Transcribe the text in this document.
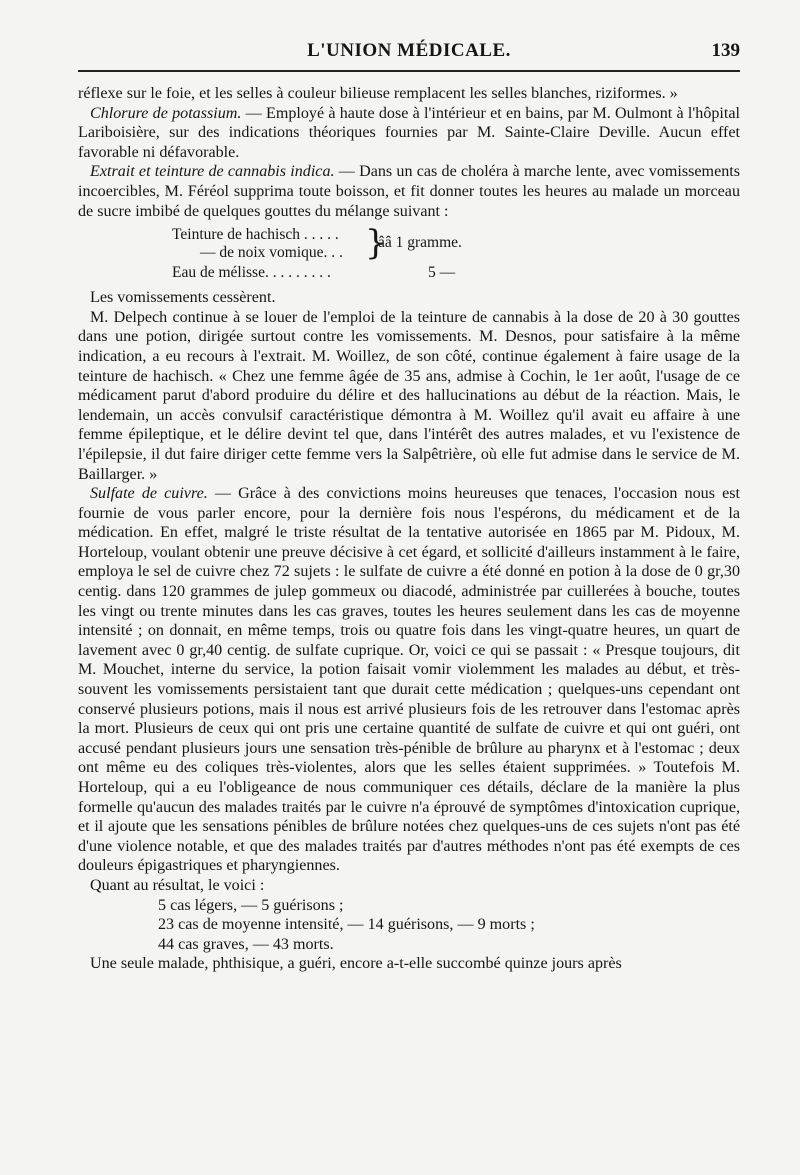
L'UNION MÉDICALE.	139

réflexe sur le foie, et les selles à couleur bilieuse remplacent les selles blanches, riziformes. »

Chlorure de potassium. — Employé à haute dose à l'intérieur et en bains, par M. Oulmont à l'hôpital Lariboisière, sur des indications théoriques fournies par M. Sainte-Claire Deville. Aucun effet favorable ni défavorable.

Extrait et teinture de cannabis indica. — Dans un cas de choléra à marche lente, avec vomissements incoercibles, M. Féréol supprima toute boisson, et fit donner toutes les heures au malade un morceau de sucre imbibé de quelques gouttes du mélange suivant :

Teinture de hachisch . . . . .
— de noix vomique. . . }
ââ 1 gramme.
Eau de mélisse. . . . . . . . .	5 —

Les vomissements cessèrent.

M. Delpech continue à se louer de l'emploi de la teinture de cannabis à la dose de 20 à 30 gouttes dans une potion, dirigée surtout contre les vomissements. M. Desnos, pour satisfaire à la même indication, a eu recours à l'extrait. M. Woillez, de son côté, continue également à faire usage de la teinture de hachisch. « Chez une femme âgée de 35 ans, admise à Cochin, le 1er août, l'usage de ce médicament parut d'abord produire du délire et des hallucinations au début de la réaction. Mais, le lendemain, un accès convulsif caractéristique démontra à M. Woillez qu'il avait eu affaire à une femme épileptique, et le délire devint tel que, dans l'intérêt des autres malades, et vu l'existence de l'épilepsie, il dut faire diriger cette femme vers la Salpêtrière, où elle fut admise dans le service de M. Baillarger. »

Sulfate de cuivre. — Grâce à des convictions moins heureuses que tenaces, l'occasion nous est fournie de vous parler encore, pour la dernière fois nous l'espérons, du médicament et de la médication. En effet, malgré le triste résultat de la tentative autorisée en 1865 par M. Pidoux, M. Horteloup, voulant obtenir une preuve décisive à cet égard, et sollicité d'ailleurs instamment à le faire, employa le sel de cuivre chez 72 sujets : le sulfate de cuivre a été donné en potion à la dose de 0 gr,30 centig. dans 120 grammes de julep gommeux ou diacodé, administrée par cuillerées à bouche, toutes les vingt ou trente minutes dans les cas graves, toutes les heures seulement dans les cas de moyenne intensité ; on donnait, en même temps, trois ou quatre fois dans les vingt-quatre heures, un quart de lavement avec 0 gr,40 centig. de sulfate cuprique. Or, voici ce qui se passait : « Presque toujours, dit M. Mouchet, interne du service, la potion faisait vomir violemment les malades au début, et très-souvent les vomissements persistaient tant que durait cette médication ; quelques-uns cependant ont conservé plusieurs potions, mais il nous est arrivé plusieurs fois de les retrouver dans l'estomac après la mort. Plusieurs de ceux qui ont pris une certaine quantité de sulfate de cuivre et qui ont guéri, ont accusé pendant plusieurs jours une sensation très-pénible de brûlure au pharynx et à l'estomac ; deux ont même eu des coliques très-violentes, alors que les selles étaient supprimées. » Toutefois M. Horteloup, qui a eu l'obligeance de nous communiquer ces détails, déclare de la manière la plus formelle qu'aucun des malades traités par le cuivre n'a éprouvé de symptômes d'intoxication cuprique, et il ajoute que les sensations pénibles de brûlure notées chez quelques-uns de ces sujets n'ont pas été d'une violence notable, et que des malades traités par d'autres méthodes n'ont pas été exempts de ces douleurs épigastriques et pharyngiennes.

Quant au résultat, le voici :

5 cas légers, — 5 guérisons ;

23 cas de moyenne intensité, — 14 guérisons, — 9 morts ;

44 cas graves, — 43 morts.

Une seule malade, phthisique, a guéri, encore a-t-elle succombé quinze jours après
